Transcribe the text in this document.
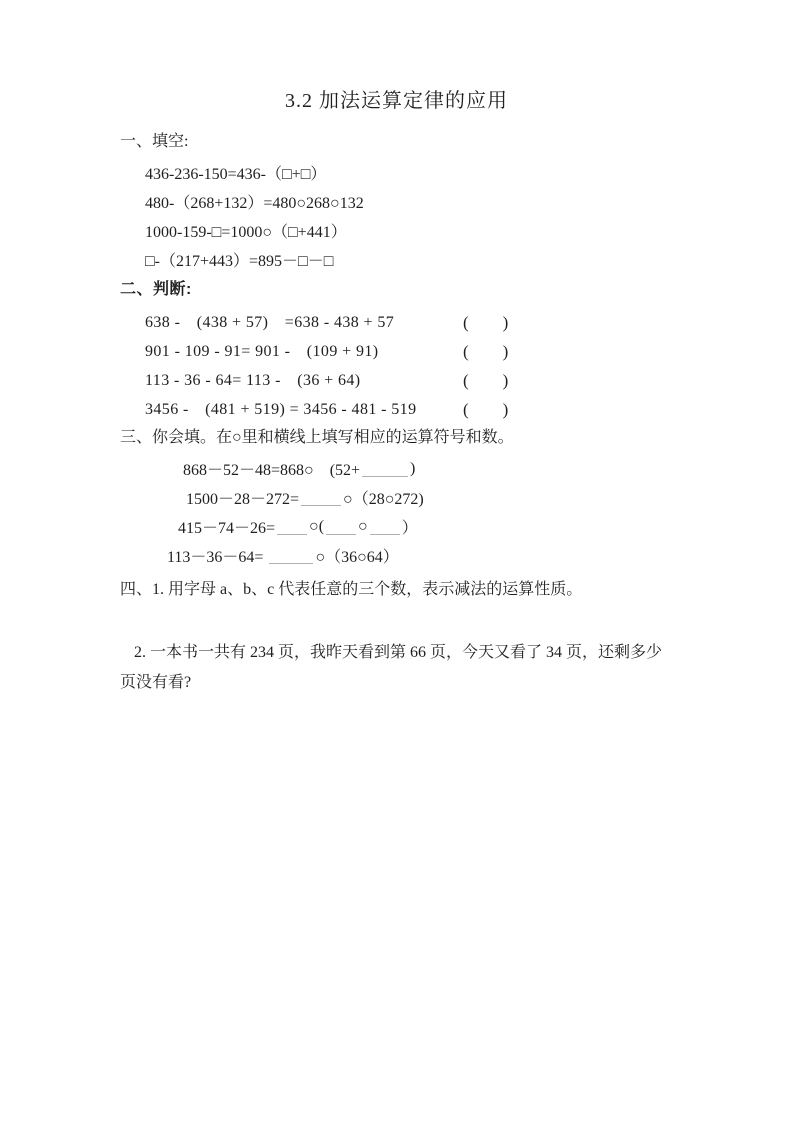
3.2 加法运算定律的应用
一、填空:
436-236-150=436-（□+□）
480-（268+132）=480○268○132
1000-159-□=1000○（□+441）
□-（217+443）=895－□－□
二、判断:
638 -　(438 + 57)　=638 - 438 + 57	(　　)
901 - 109 - 91= 901 -　(109 + 91)	(　　)
113 - 36 - 64= 113 -　(36 + 64)	(　　)
3456 -　(481 + 519) = 3456 - 481 - 519	(　　)
三、你会填。在○里和横线上填写相应的运算符号和数。
868－52－48=868○　(52+	)
1500－28－272=	○（28○272)
415－74－26= ○( ○ ）
113－36－64=	○（36○64）
四、1. 用字母 a、b、c 代表任意的三个数，表示减法的运算性质。
2. 一本书一共有 234 页，我昨天看到第 66 页，今天又看了 34 页，还剩多少
页没有看?
